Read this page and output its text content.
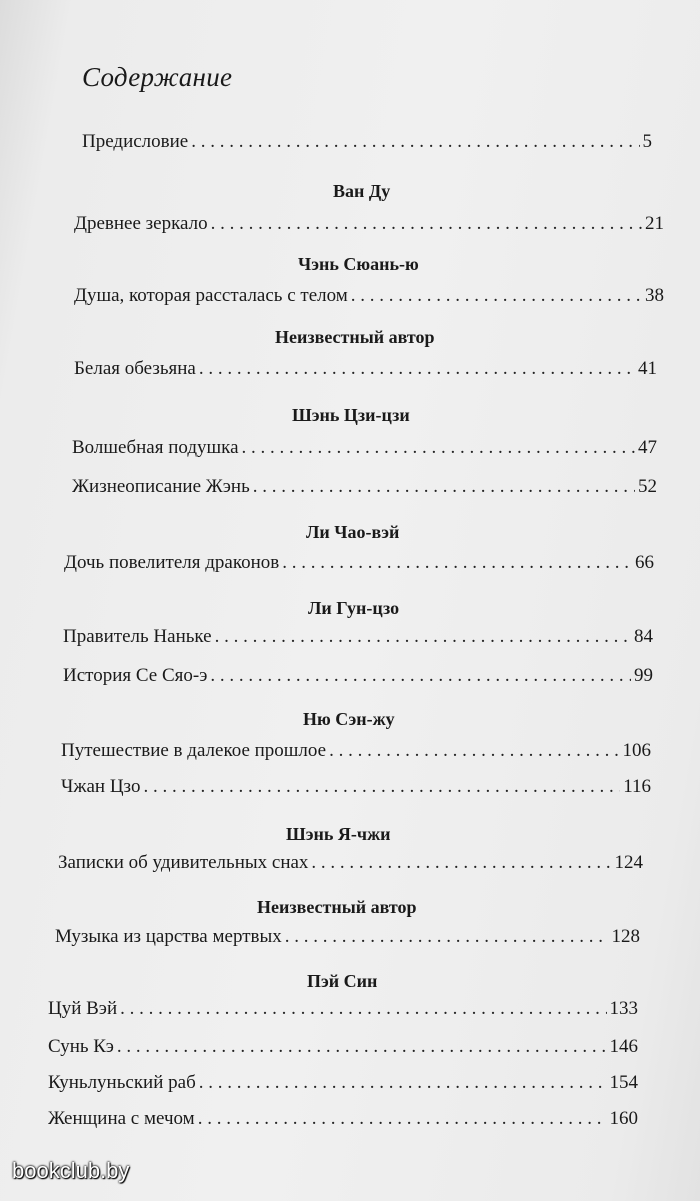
Содержание
Предисловие . . .	5
Ван Ду
Древнее зеркало . . .	21
Чэнь Сюань-ю
Душа, которая рассталась с телом . . .	38
Неизвестный автор
Белая обезьяна . . .	41
Шэнь Цзи-цзи
Волшебная подушка . . .	47
Жизнеописание Жэнь . . .	52
Ли Чао-вэй
Дочь повелителя драконов . . .	66
Ли Гун-цзо
Правитель Наньке . . .	84
История Се Сяо-э . . .	99
Ню Сэн-жу
Путешествие в далекое прошлое . . .	106
Чжан Цзо . . .	116
Шэнь Я-чжи
Записки об удивительных снах . . .	124
Неизвестный автор
Музыка из царства мертвых . . .	128
Пэй Син
Цуй Вэй . . .	133
Сунь Кэ . . .	146
Куньлуньский раб . . .	154
Женщина с мечом . . .	160
bookclub.by
